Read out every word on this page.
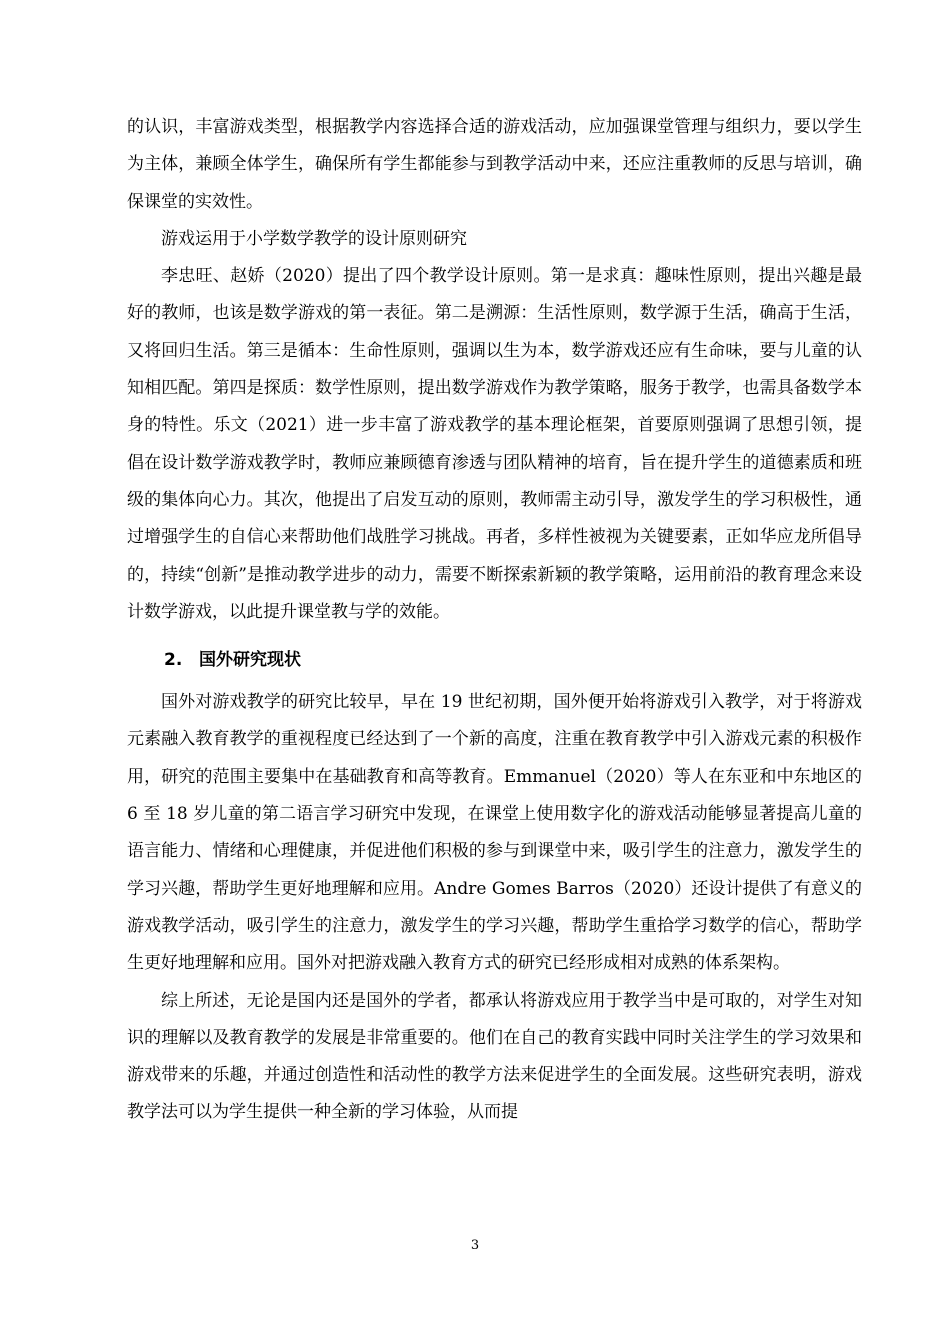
的认识，丰富游戏类型，根据教学内容选择合适的游戏活动，应加强课堂管理与组织力，要以学生为主体，兼顾全体学生，确保所有学生都能参与到教学活动中来，还应注重教师的反思与培训，确保课堂的实效性。

游戏运用于小学数学教学的设计原则研究

李忠旺、赵娇（2020）提出了四个教学设计原则。第一是求真：趣味性原则，提出兴趣是最好的教师，也该是数学游戏的第一表征。第二是溯源：生活性原则，数学源于生活，确高于生活，又将回归生活。第三是循本：生命性原则，强调以生为本，数学游戏还应有生命味，要与儿童的认知相匹配。第四是探质：数学性原则，提出数学游戏作为教学策略，服务于教学，也需具备数学本身的特性。乐文（2021）进一步丰富了游戏教学的基本理论框架，首要原则强调了思想引领，提倡在设计数学游戏教学时，教师应兼顾德育渗透与团队精神的培育，旨在提升学生的道德素质和班级的集体向心力。其次，他提出了启发互动的原则，教师需主动引导，激发学生的学习积极性，通过增强学生的自信心来帮助他们战胜学习挑战。再者，多样性被视为关键要素，正如华应龙所倡导的，持续“创新”是推动教学进步的动力，需要不断探索新颖的教学策略，运用前沿的教育理念来设计数学游戏，以此提升课堂教与学的效能。

2. 国外研究现状

国外对游戏教学的研究比较早，早在 19 世纪初期，国外便开始将游戏引入教学，对于将游戏元素融入教育教学的重视程度已经达到了一个新的高度，注重在教育教学中引入游戏元素的积极作用，研究的范围主要集中在基础教育和高等教育。Emmanuel（2020）等人在东亚和中东地区的 6 至 18 岁儿童的第二语言学习研究中发现，在课堂上使用数字化的游戏活动能够显著提高儿童的语言能力、情绪和心理健康，并促进他们积极的参与到课堂中来，吸引学生的注意力，激发学生的学习兴趣，帮助学生更好地理解和应用。Andre Gomes Barros（2020）还设计提供了有意义的游戏教学活动，吸引学生的注意力，激发学生的学习兴趣，帮助学生重拾学习数学的信心，帮助学生更好地理解和应用。国外对把游戏融入教育方式的研究已经形成相对成熟的体系架构。

综上所述，无论是国内还是国外的学者，都承认将游戏应用于教学当中是可取的，对学生对知识的理解以及教育教学的发展是非常重要的。他们在自己的教育实践中同时关注学生的学习效果和游戏带来的乐趣，并通过创造性和活动性的教学方法来促进学生的全面发展。这些研究表明，游戏教学法可以为学生提供一种全新的学习体验，从而提

3
